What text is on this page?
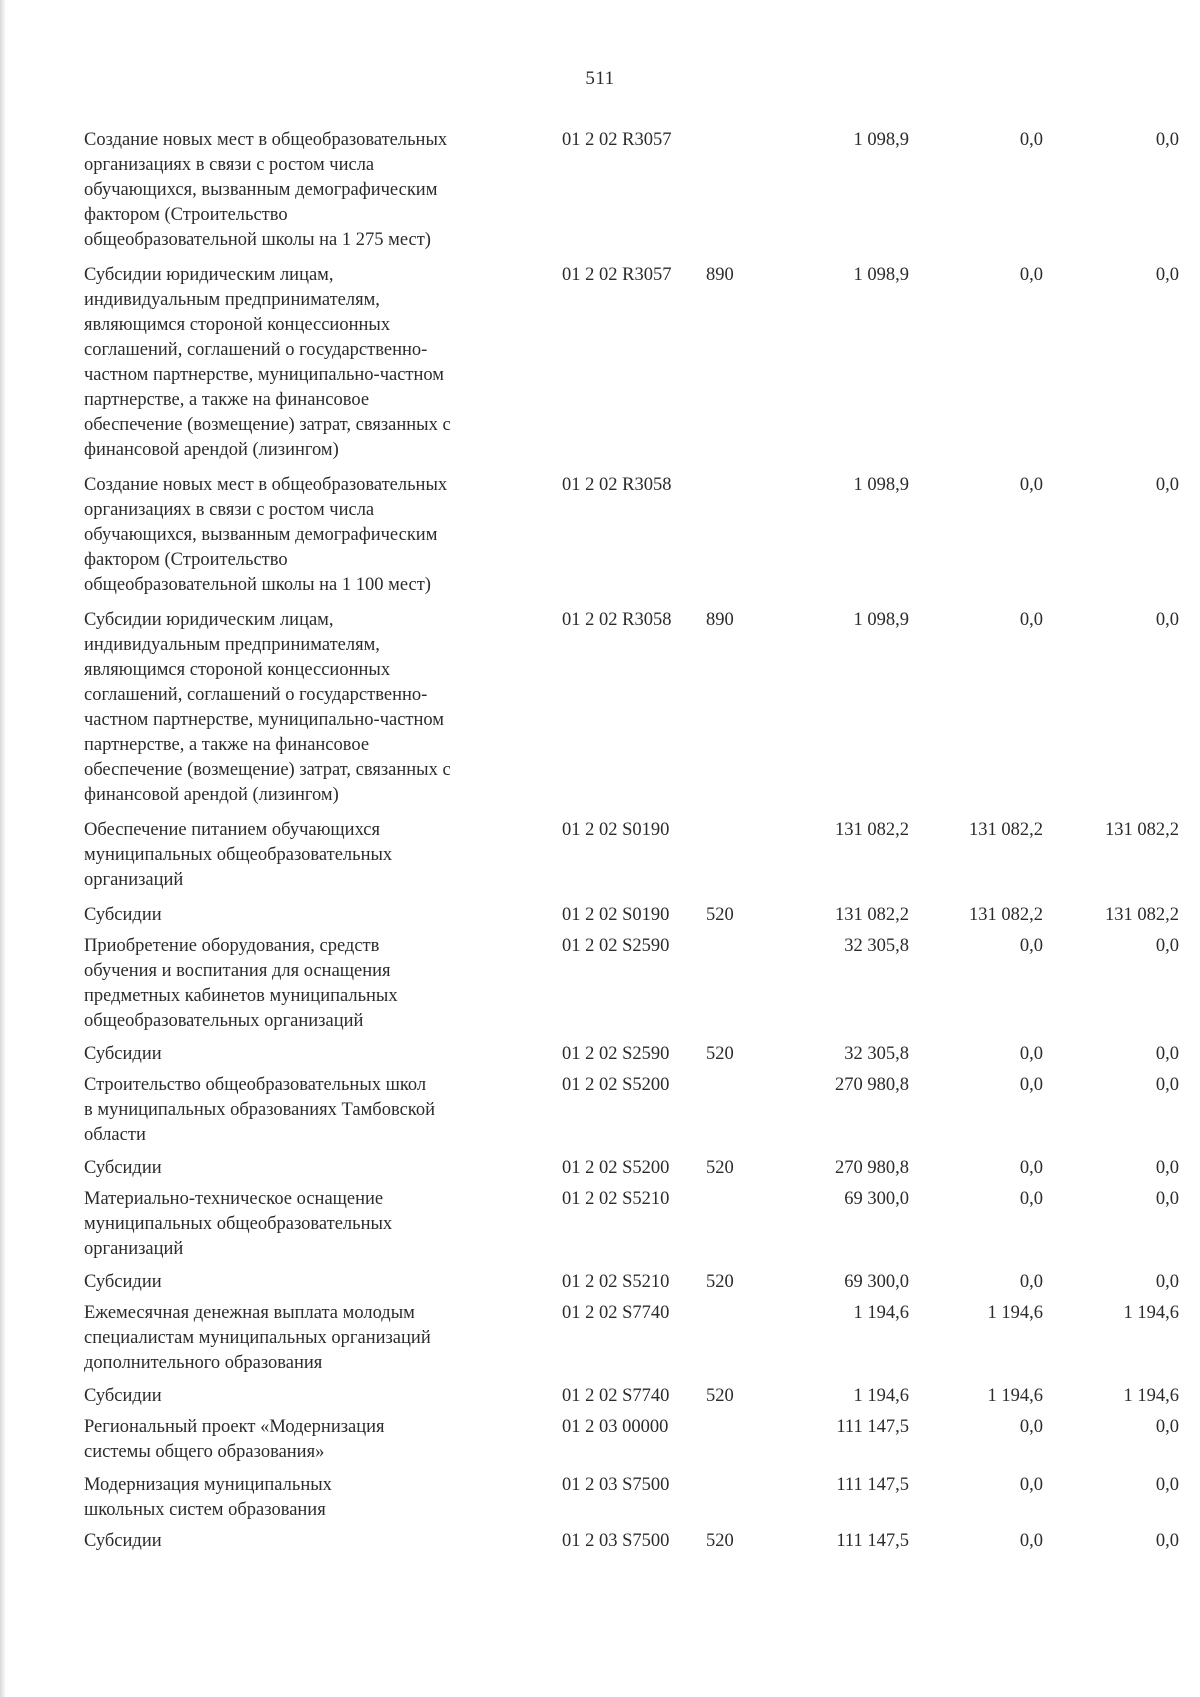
511
Создание новых мест в общеобразовательных
организациях в связи с ростом числа
обучающихся, вызванным демографическим
фактором (Строительство
общеобразовательной школы на 1 275 мест)
01 2 02 R3057	1 098,9	0,0	0,0
Субсидии юридическим лицам,
индивидуальным предпринимателям,
являющимся стороной концессионных
соглашений, соглашений о государственно-
частном партнерстве, муниципально-частном
партнерстве, а также на финансовое
обеспечение (возмещение) затрат, связанных с
финансовой арендой (лизингом)
01 2 02 R3057 890	1 098,9	0,0	0,0
Создание новых мест в общеобразовательных
организациях в связи с ростом числа
обучающихся, вызванным демографическим
фактором (Строительство
общеобразовательной школы на 1 100 мест)
01 2 02 R3058	1 098,9	0,0	0,0
Субсидии юридическим лицам,
индивидуальным предпринимателям,
являющимся стороной концессионных
соглашений, соглашений о государственно-
частном партнерстве, муниципально-частном
партнерстве, а также на финансовое
обеспечение (возмещение) затрат, связанных с
финансовой арендой (лизингом)
01 2 02 R3058 890	1 098,9	0,0	0,0
Обеспечение питанием обучающихся
муниципальных общеобразовательных
организаций
01 2 02 S0190	131 082,2	131 082,2	131 082,2
Субсидии	01 2 02 S0190 520	131 082,2	131 082,2	131 082,2
Приобретение оборудования, средств
обучения и воспитания для оснащения
предметных кабинетов муниципальных
общеобразовательных организаций
01 2 02 S2590	32 305,8	0,0	0,0
Субсидии	01 2 02 S2590 520	32 305,8	0,0	0,0
Строительство общеобразовательных школ
в муниципальных образованиях Тамбовской
области
01 2 02 S5200	270 980,8	0,0	0,0
Субсидии	01 2 02 S5200 520	270 980,8	0,0	0,0
Материально-техническое оснащение
муниципальных общеобразовательных
организаций
01 2 02 S5210	69 300,0	0,0	0,0
Субсидии	01 2 02 S5210 520	69 300,0	0,0	0,0
Ежемесячная денежная выплата молодым
специалистам муниципальных организаций
дополнительного образования
01 2 02 S7740	1 194,6	1 194,6	1 194,6
Субсидии	01 2 02 S7740 520	1 194,6	1 194,6	1 194,6
Региональный проект «Модернизация
системы общего образования»
01 2 03 00000	111 147,5	0,0	0,0
Модернизация муниципальных
школьных систем образования
01 2 03 S7500	111 147,5	0,0	0,0
Субсидии	01 2 03 S7500 520	111 147,5	0,0	0,0
